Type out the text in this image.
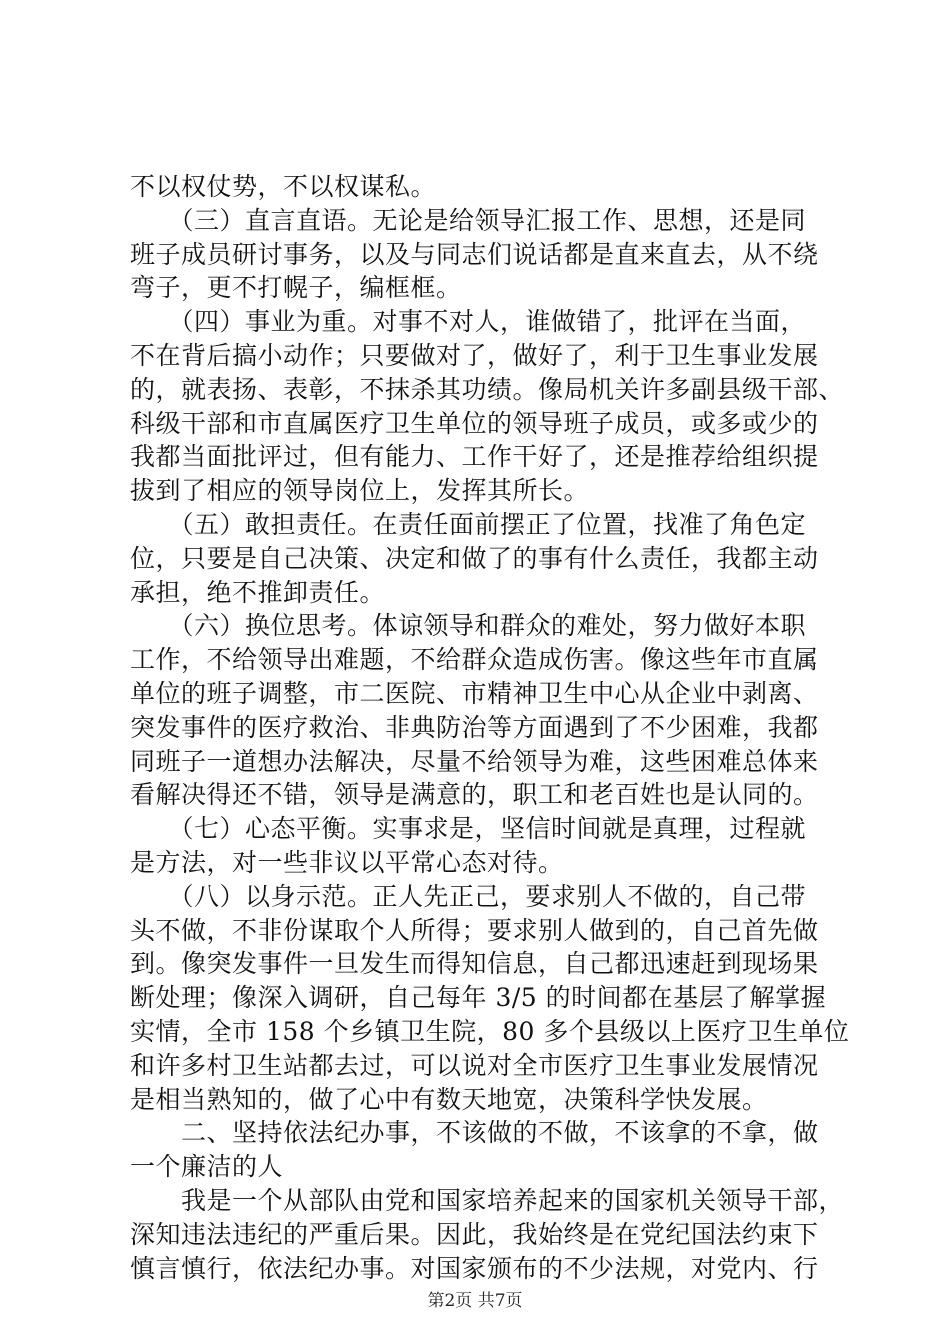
不以权仗势，不以权谋私。
　　（三）直言直语。无论是给领导汇报工作、思想，还是同
班子成员研讨事务，以及与同志们说话都是直来直去，从不绕
弯子，更不打幌子，编框框。
　　（四）事业为重。对事不对人，谁做错了，批评在当面，
不在背后搞小动作；只要做对了，做好了，利于卫生事业发展
的，就表扬、表彰，不抹杀其功绩。像局机关许多副县级干部、
科级干部和市直属医疗卫生单位的领导班子成员，或多或少的
我都当面批评过，但有能力、工作干好了，还是推荐给组织提
拔到了相应的领导岗位上，发挥其所长。
　　（五）敢担责任。在责任面前摆正了位置，找准了角色定
位，只要是自己决策、决定和做了的事有什么责任，我都主动
承担，绝不推卸责任。
　　（六）换位思考。体谅领导和群众的难处，努力做好本职
工作，不给领导出难题，不给群众造成伤害。像这些年市直属
单位的班子调整，市二医院、市精神卫生中心从企业中剥离、
突发事件的医疗救治、非典防治等方面遇到了不少困难，我都
同班子一道想办法解决，尽量不给领导为难，这些困难总体来
看解决得还不错，领导是满意的，职工和老百姓也是认同的。
　　（七）心态平衡。实事求是，坚信时间就是真理，过程就
是方法，对一些非议以平常心态对待。
　　（八）以身示范。正人先正己，要求别人不做的，自己带
头不做，不非份谋取个人所得；要求别人做到的，自己首先做
到。像突发事件一旦发生而得知信息，自己都迅速赶到现场果
断处理；像深入调研，自己每年 3/5 的时间都在基层了解掌握
实情，全市 158 个乡镇卫生院，80 多个县级以上医疗卫生单位
和许多村卫生站都去过，可以说对全市医疗卫生事业发展情况
是相当熟知的，做了心中有数天地宽，决策科学快发展。
　　二、坚持依法纪办事，不该做的不做，不该拿的不拿，做
一个廉洁的人
　　我是一个从部队由党和国家培养起来的国家机关领导干部，
深知违法违纪的严重后果。因此，我始终是在党纪国法约束下
慎言慎行，依法纪办事。对国家颁布的不少法规，对党内、行
第2页 共7页
